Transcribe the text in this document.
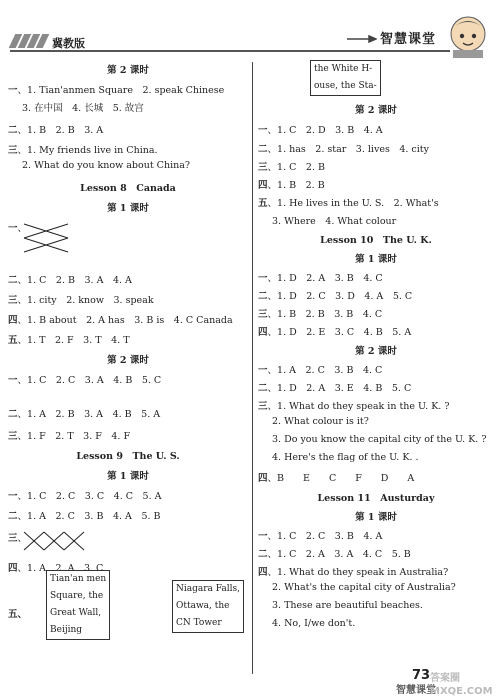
冀教版	智慧课堂
第 2 课时
一、1. Tian'anmen Square　 2. speak Chinese
3. 在中国　 4. 长城　 5. 故宫
二、1. B　 2. B　 3. A
三、1. My friends live in China.
2. What do you know about China?
Lesson 8　 Canada
第 1 课时
一、
二、1. C　 2. B　 3. A　 4. A
三、1. city　 2. know　 3. speak
四、1. B about　 2. A has　 3. B is　 4. C Canada
五、1. T　 2. F　 3. T　 4. T
第 2 课时
一、1. C　 2. C　 3. A　 4. B　 5. C
二、1. A　 2. B　 3. A　 4. B　 5. A
三、1. F　 2. T　 3. F　 4. F
Lesson 9　 The U. S.
第 1 课时
一、1. C　 2. C　 3. C　 4. C　 5. A
二、1. A　 2. C　 3. B　 4. A　 5. B
三、
四、1. A　 2. A　 3. C
五、
Tian'an men
Square, the
Great Wall,
Beijing
Niagara Falls,
Ottawa, the
CN Tower
the White H-
ouse, the Sta-
第 2 课时
一、1. C　 2. D　 3. B　 4. A
二、1. has　 2. star　 3. lives　 4. city
三、1. C　 2. B
四、1. B　 2. B
五、1. He lives in the U. S.　 2. What's
3. Where　 4. What colour
Lesson 10　 The U. K.
第 1 课时
一、1. D　 2. A　 3. B　 4. C
二、1. D　 2. C　 3. D　 4. A　 5. C
三、1. B　 2. B　 3. B　 4. C
四、1. D　 2. E　 3. C　 4. B　 5. A
第 2 课时
一、1. A　 2. C　 3. B　 4. C
二、1. D　 2. A　 3. E　 4. B　 5. C
三、1. What do they speak in the U. K. ?
2. What colour is it?
3. Do you know the capital city of the U. K. ?
4. Here's the flag of the U. K. .
四、B　　E　　C　　F　　D　　A
Lesson 11　 Austurday
第 1 课时
一、1. C　 2. C　 3. B　 4. A
二、1. C　 2. A　 3. A　 4. C　 5. B
四、1. What do they speak in Australia?
2. What's the capital city of Australia?
3. These are beautiful beaches.
4. No, I/we don't.
73
智慧课堂
答案圈 MXQE.COM
